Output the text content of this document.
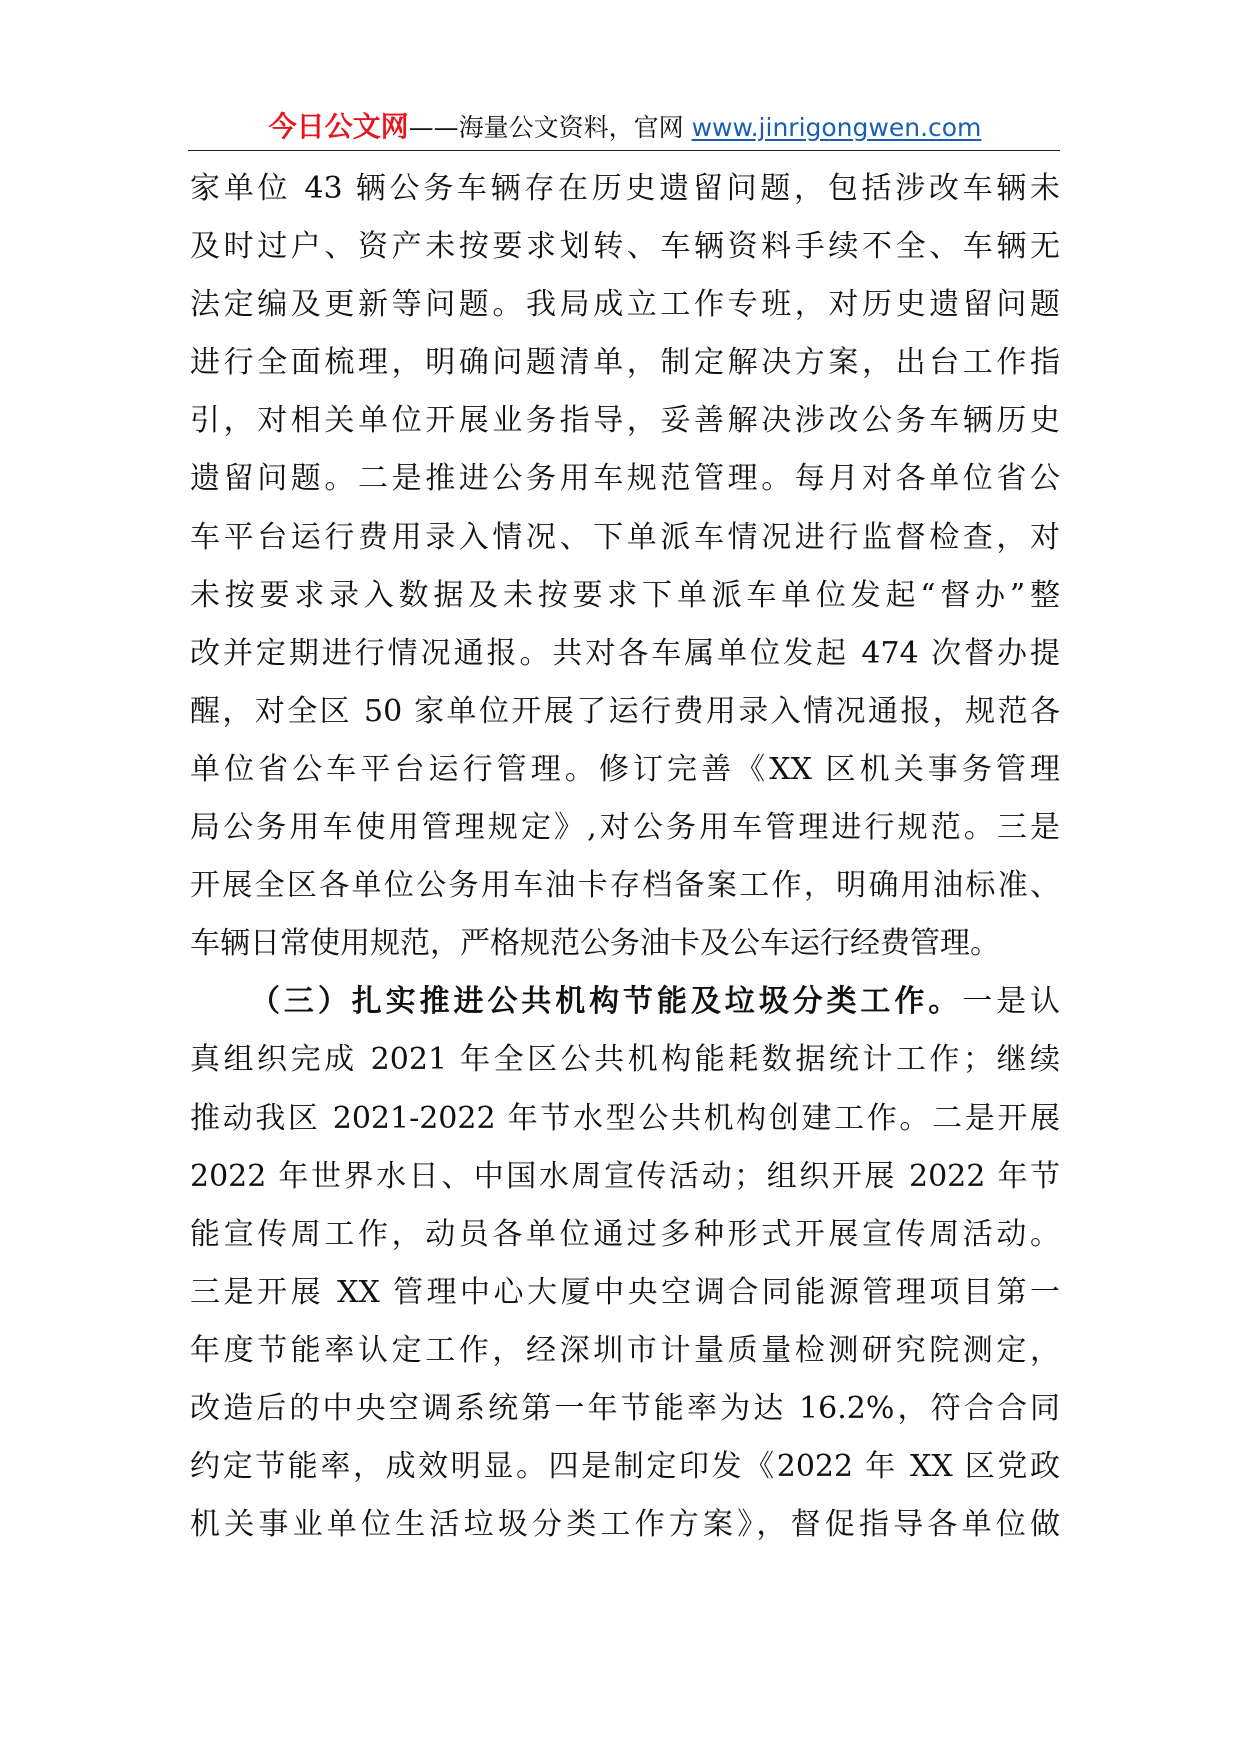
今日公文网——海量公文资料，官网 www.jinrigongwen.com
家单位 43 辆公务车辆存在历史遗留问题，包括涉改车辆未
及时过户、资产未按要求划转、车辆资料手续不全、车辆无
法定编及更新等问题。我局成立工作专班，对历史遗留问题
进行全面梳理，明确问题清单，制定解决方案，出台工作指
引，对相关单位开展业务指导，妥善解决涉改公务车辆历史
遗留问题。二是推进公务用车规范管理。每月对各单位省公
车平台运行费用录入情况、下单派车情况进行监督检查，对
未按要求录入数据及未按要求下单派车单位发起“督办”整
改并定期进行情况通报。共对各车属单位发起 474 次督办提
醒，对全区 50 家单位开展了运行费用录入情况通报，规范各
单位省公车平台运行管理。修订完善《XX 区机关事务管理
局公务用车使用管理规定》,对公务用车管理进行规范。三是
开展全区各单位公务用车油卡存档备案工作，明确用油标准、
车辆日常使用规范，严格规范公务油卡及公车运行经费管理。
（三）扎实推进公共机构节能及垃圾分类工作。一是认
真组织完成 2021 年全区公共机构能耗数据统计工作；继续
推动我区 2021-2022 年节水型公共机构创建工作。二是开展
2022 年世界水日、中国水周宣传活动；组织开展 2022 年节
能宣传周工作，动员各单位通过多种形式开展宣传周活动。
三是开展 XX 管理中心大厦中央空调合同能源管理项目第一
年度节能率认定工作，经深圳市计量质量检测研究院测定，
改造后的中央空调系统第一年节能率为达 16.2%，符合合同
约定节能率，成效明显。四是制定印发《2022 年 XX 区党政
机关事业单位生活垃圾分类工作方案》，督促指导各单位做
